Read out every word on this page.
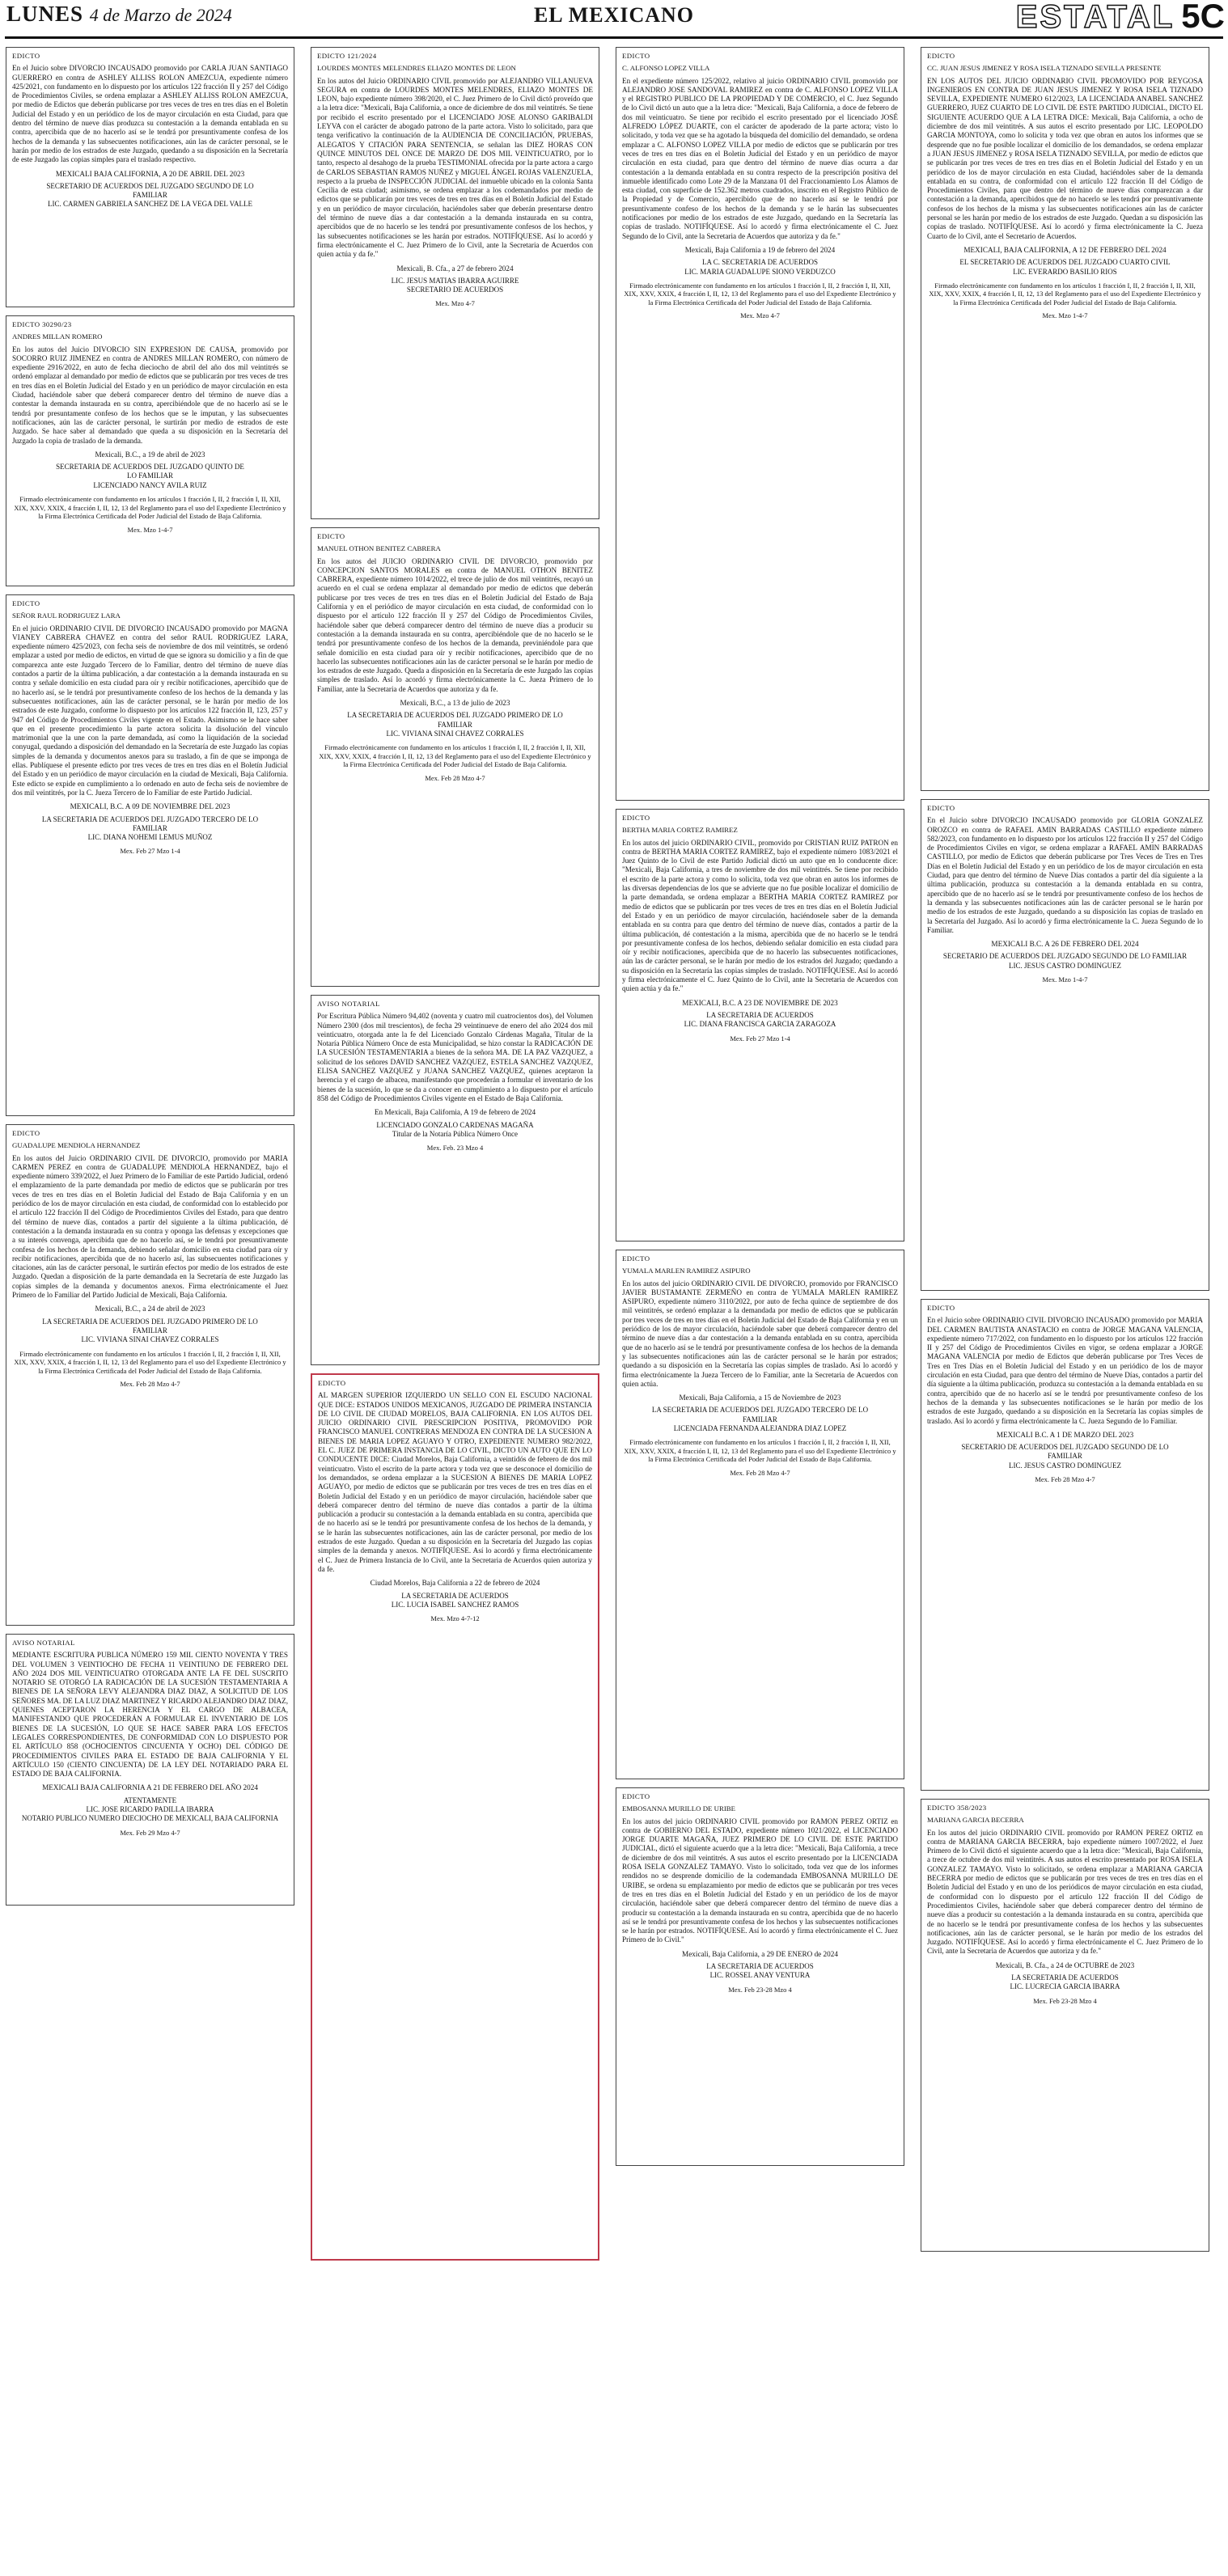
LUNES 4 de Marzo de 2024	EL MEXICANO	ESTATAL 5C

EDICTO

En el Juicio sobre DIVORCIO INCAUSADO promovido por CARLA JUAN SANTIAGO GUERRERO en contra de ASHLEY ALLISS ROLON AMEZCUA, expediente número 425/2021, con fundamento en lo dispuesto por los artículos 122 fracción II y 257 del Código de Procedimientos Civiles, se ordena emplazar a ASHLEY ALLISS ROLON AMEZCUA, por medio de Edictos que deberán publicarse por tres veces de tres en tres días en el Boletín Judicial del Estado y en un periódico de los de mayor circulación en esta Ciudad, para que dentro del término de nueve días produzca su contestación a la demanda entablada en su contra, apercibida que de no hacerlo así se le tendrá por presuntivamente confesa de los hechos de la demanda y las subsecuentes notificaciones, aún las de carácter personal, se le harán por medio de los estrados de este Juzgado, quedando a su disposición en la Secretaría de este Juzgado las copias simples para el traslado respectivo.

MEXICALI BAJA CALIFORNIA, A 20 DE ABRIL DEL 2023

SECRETARIO DE ACUERDOS DEL JUZGADO SEGUNDO DE LO
FAMILIAR
LIC. CARMEN GABRIELA SANCHEZ DE LA VEGA DEL VALLE

EDICTO 30290/23

ANDRES MILLAN ROMERO

En los autos del Juicio DIVORCIO SIN EXPRESION DE CAUSA, promovido por SOCORRO RUIZ JIMENEZ en contra de ANDRES MILLAN ROMERO, con número de expediente 2916/2022, en auto de fecha dieciocho de abril del año dos mil veintitrés se ordenó emplazar al demandado por medio de edictos que se publicarán por tres veces de tres en tres días en el Boletín Judicial del Estado y en un periódico de mayor circulación en esta Ciudad, haciéndole saber que deberá comparecer dentro del término de nueve días a contestar la demanda instaurada en su contra, apercibiéndole que de no hacerlo así se le tendrá por presuntamente confeso de los hechos que se le imputan, y las subsecuentes notificaciones, aún las de carácter personal, le surtirán por medio de estrados de este Juzgado. Se hace saber al demandado que queda a su disposición en la Secretaría del Juzgado la copia de traslado de la demanda.

Mexicali, B.C., a 19 de abril de 2023

SECRETARIA DE ACUERDOS DEL JUZGADO QUINTO DE
LO FAMILIAR
LICENCIADO NANCY AVILA RUIZ

Firmado electrónicamente con fundamento en los artículos 1 fracción I, II, 2 fracción I, II, XII, XIX, XXV, XXIX, 4 fracción I, II, 12, 13 del Reglamento para el uso del Expediente Electrónico y la Firma Electrónica Certificada del Poder Judicial del Estado de Baja California.

Mex. Mzo 1-4-7

EDICTO

SEÑOR RAUL RODRIGUEZ LARA

En el juicio ORDINARIO CIVIL DE DIVORCIO INCAUSADO promovido por MAGNA VIANEY CABRERA CHAVEZ en contra del señor RAUL RODRIGUEZ LARA, expediente número 425/2023, con fecha seis de noviembre de dos mil veintitrés, se ordenó emplazar a usted por medio de edictos, en virtud de que se ignora su domicilio y a fin de que comparezca ante este Juzgado Tercero de lo Familiar, dentro del término de nueve días contados a partir de la última publicación, a dar contestación a la demanda instaurada en su contra y señale domicilio en esta ciudad para oír y recibir notificaciones, apercibido que de no hacerlo así, se le tendrá por presuntivamente confeso de los hechos de la demanda y las subsecuentes notificaciones, aún las de carácter personal, se le harán por medio de los estrados de este Juzgado, conforme lo dispuesto por los artículos 122 fracción II, 123, 257 y 947 del Código de Procedimientos Civiles vigente en el Estado. Asimismo se le hace saber que en el presente procedimiento la parte actora solicita la disolución del vínculo matrimonial que la une con la parte demandada, así como la liquidación de la sociedad conyugal, quedando a disposición del demandado en la Secretaría de este Juzgado las copias simples de la demanda y documentos anexos para su traslado, a fin de que se imponga de ellas. Publíquese el presente edicto por tres veces de tres en tres días en el Boletín Judicial del Estado y en un periódico de mayor circulación en la ciudad de Mexicali, Baja California. Este edicto se expide en cumplimiento a lo ordenado en auto de fecha seis de noviembre de dos mil veintitrés, por la C. Jueza Tercero de lo Familiar de este Partido Judicial.

MEXICALI, B.C. A 09 DE NOVIEMBRE DEL 2023

LA SECRETARIA DE ACUERDOS DEL JUZGADO TERCERO DE LO
FAMILIAR
LIC. DIANA NOHEMI LEMUS MUÑOZ

Mex. Feb 27 Mzo 1-4

EDICTO

GUADALUPE MENDIOLA HERNANDEZ

En los autos del Juicio ORDINARIO CIVIL DE DIVORCIO, promovido por MARIA CARMEN PEREZ en contra de GUADALUPE MENDIOLA HERNANDEZ, bajo el expediente número 339/2022, el Juez Primero de lo Familiar de este Partido Judicial, ordenó el emplazamiento de la parte demandada por medio de edictos que se publicarán por tres veces de tres en tres días en el Boletín Judicial del Estado de Baja California y en un periódico de los de mayor circulación en esta ciudad, de conformidad con lo establecido por el artículo 122 fracción II del Código de Procedimientos Civiles del Estado, para que dentro del término de nueve días, contados a partir del siguiente a la última publicación, dé contestación a la demanda instaurada en su contra y oponga las defensas y excepciones que a su interés convenga, apercibida que de no hacerlo así, se le tendrá por presuntivamente confesa de los hechos de la demanda, debiendo señalar domicilio en esta ciudad para oír y recibir notificaciones, apercibida que de no hacerlo así, las subsecuentes notificaciones y citaciones, aún las de carácter personal, le surtirán efectos por medio de los estrados de este Juzgado. Quedan a disposición de la parte demandada en la Secretaría de este Juzgado las copias simples de la demanda y documentos anexos. Firma electrónicamente el Juez Primero de lo Familiar del Partido Judicial de Mexicali, Baja California.

Mexicali, B.C., a 24 de abril de 2023

LA SECRETARIA DE ACUERDOS DEL JUZGADO PRIMERO DE LO
FAMILIAR
LIC. VIVIANA SINAI CHAVEZ CORRALES

Firmado electrónicamente con fundamento en los artículos 1 fracción I, II, 2 fracción I, II, XII, XIX, XXV, XXIX, 4 fracción I, II, 12, 13 del Reglamento para el uso del Expediente Electrónico y la Firma Electrónica Certificada del Poder Judicial del Estado de Baja California.

Mex. Feb 28 Mzo 4-7

AVISO NOTARIAL

MEDIANTE ESCRITURA PUBLICA NÚMERO 159 MIL CIENTO NOVENTA Y TRES DEL VOLUMEN 3 VEINTIOCHO DE FECHA 11 VEINTIUNO DE FEBRERO DEL AÑO 2024 DOS MIL VEINTICUATRO OTORGADA ANTE LA FE DEL SUSCRITO NOTARIO SE OTORGÓ LA RADICACIÓN DE LA SUCESIÓN TESTAMENTARIA A BIENES DE LA SEÑORA LEVY ALEJANDRA DIAZ DIAZ, A SOLICITUD DE LOS SEÑORES MA. DE LA LUZ DIAZ MARTINEZ Y RICARDO ALEJANDRO DIAZ DIAZ, QUIENES ACEPTARON LA HERENCIA Y EL CARGO DE ALBACEA, MANIFESTANDO QUE PROCEDERÁN A FORMULAR EL INVENTARIO DE LOS BIENES DE LA SUCESIÓN, LO QUE SE HACE SABER PARA LOS EFECTOS LEGALES CORRESPONDIENTES, DE CONFORMIDAD CON LO DISPUESTO POR EL ARTÍCULO 858 (OCHOCIENTOS CINCUENTA Y OCHO) DEL CÓDIGO DE PROCEDIMIENTOS CIVILES PARA EL ESTADO DE BAJA CALIFORNIA Y EL ARTÍCULO 150 (CIENTO CINCUENTA) DE LA LEY DEL NOTARIADO PARA EL ESTADO DE BAJA CALIFORNIA.

MEXICALI BAJA CALIFORNIA A 21 DE FEBRERO DEL AÑO 2024

ATENTAMENTE
LIC. JOSE RICARDO PADILLA IBARRA
NOTARIO PUBLICO NUMERO DIECIOCHO DE MEXICALI, BAJA CALIFORNIA

Mex. Feb 29 Mzo 4-7

EDICTO 121/2024

LOURDES MONTES MELENDRES ELIAZO MONTES DE LEON

En los autos del Juicio ORDINARIO CIVIL promovido por ALEJANDRO VILLANUEVA SEGURA en contra de LOURDES MONTES MELENDRES, ELIAZO MONTES DE LEON, bajo expediente número 398/2020, el C. Juez Primero de lo Civil dictó proveído que a la letra dice: "Mexicali, Baja California, a once de diciembre de dos mil veintitrés. Se tiene por recibido el escrito presentado por el LICENCIADO JOSE ALONSO GARIBALDI LEYVA con el carácter de abogado patrono de la parte actora. Visto lo solicitado, para que tenga verificativo la continuación de la AUDIENCIA DE CONCILIACIÓN, PRUEBAS, ALEGATOS Y CITACIÓN PARA SENTENCIA, se señalan las DIEZ HORAS CON QUINCE MINUTOS DEL ONCE DE MARZO DE DOS MIL VEINTICUATRO, por lo tanto, respecto al desahogo de la prueba TESTIMONIAL ofrecida por la parte actora a cargo de CARLOS SEBASTIAN RAMOS NUÑEZ y MIGUEL ÁNGEL ROJAS VALENZUELA, respecto a la prueba de INSPECCIÓN JUDICIAL del inmueble ubicado en la colonia Santa Cecilia de esta ciudad; asimismo, se ordena emplazar a los codemandados por medio de edictos que se publicarán por tres veces de tres en tres días en el Boletín Judicial del Estado y en un periódico de mayor circulación, haciéndoles saber que deberán presentarse dentro del término de nueve días a dar contestación a la demanda instaurada en su contra, apercibidos que de no hacerlo se les tendrá por presuntivamente confesos de los hechos, y las subsecuentes notificaciones se les harán por estrados. NOTIFÍQUESE. Así lo acordó y firma electrónicamente el C. Juez Primero de lo Civil, ante la Secretaria de Acuerdos con quien actúa y da fe."

Mexicali, B. Cfa., a 27 de febrero 2024

LIC. JESUS MATIAS IBARRA AGUIRRE
SECRETARIO DE ACUERDOS

Mex. Mzo 4-7

EDICTO

MANUEL OTHON BENITEZ CABRERA

En los autos del JUICIO ORDINARIO CIVIL DE DIVORCIO, promovido por CONCEPCION SANTOS MORALES en contra de MANUEL OTHON BENITEZ CABRERA, expediente número 1014/2022, el trece de julio de dos mil veintitrés, recayó un acuerdo en el cual se ordena emplazar al demandado por medio de edictos que deberán publicarse por tres veces de tres en tres días en el Boletín Judicial del Estado de Baja California y en el periódico de mayor circulación en esta ciudad, de conformidad con lo dispuesto por el artículo 122 fracción II y 257 del Código de Procedimientos Civiles, haciéndole saber que deberá comparecer dentro del término de nueve días a producir su contestación a la demanda instaurada en su contra, apercibiéndole que de no hacerlo se le tendrá por presuntivamente confeso de los hechos de la demanda, previniéndole para que señale domicilio en esta ciudad para oír y recibir notificaciones, apercibido que de no hacerlo las subsecuentes notificaciones aún las de carácter personal se le harán por medio de los estrados de este Juzgado. Queda a disposición en la Secretaría de este Juzgado las copias simples de traslado. Así lo acordó y firma electrónicamente la C. Jueza Primero de lo Familiar, ante la Secretaria de Acuerdos que autoriza y da fe.

Mexicali, B.C., a 13 de julio de 2023

LA SECRETARIA DE ACUERDOS DEL JUZGADO PRIMERO DE LO
FAMILIAR
LIC. VIVIANA SINAI CHAVEZ CORRALES

Firmado electrónicamente con fundamento en los artículos 1 fracción I, II, 2 fracción I, II, XII, XIX, XXV, XXIX, 4 fracción I, II, 12, 13 del Reglamento para el uso del Expediente Electrónico y la Firma Electrónica Certificada del Poder Judicial del Estado de Baja California.

Mex. Feb 28 Mzo 4-7

AVISO NOTARIAL

Por Escritura Pública Número 94,402 (noventa y cuatro mil cuatrocientos dos), del Volumen Número 2300 (dos mil trescientos), de fecha 29 veintinueve de enero del año 2024 dos mil veinticuatro, otorgada ante la fe del Licenciado Gonzalo Cárdenas Magaña, Titular de la Notaría Pública Número Once de esta Municipalidad, se hizo constar la RADICACIÓN DE LA SUCESIÓN TESTAMENTARIA a bienes de la señora MA. DE LA PAZ VAZQUEZ, a solicitud de los señores DAVID SANCHEZ VAZQUEZ, ESTELA SANCHEZ VAZQUEZ, ELISA SANCHEZ VAZQUEZ y JUANA SANCHEZ VAZQUEZ, quienes aceptaron la herencia y el cargo de albacea, manifestando que procederán a formular el inventario de los bienes de la sucesión, lo que se da a conocer en cumplimiento a lo dispuesto por el artículo 858 del Código de Procedimientos Civiles vigente en el Estado de Baja California.

En Mexicali, Baja California, A 19 de febrero de 2024

LICENCIADO GONZALO CARDENAS MAGAÑA
Titular de la Notaría Pública Número Once

Mex. Feb. 23 Mzo 4

EDICTO

AL MARGEN SUPERIOR IZQUIERDO UN SELLO CON EL ESCUDO NACIONAL QUE DICE: ESTADOS UNIDOS MEXICANOS, JUZGADO DE PRIMERA INSTANCIA DE LO CIVIL DE CIUDAD MORELOS, BAJA CALIFORNIA. EN LOS AUTOS DEL JUICIO ORDINARIO CIVIL PRESCRIPCION POSITIVA, PROMOVIDO POR FRANCISCO MANUEL CONTRERAS MENDOZA EN CONTRA DE LA SUCESION A BIENES DE MARIA LOPEZ AGUAYO Y OTRO, EXPEDIENTE NUMERO 982/2022, EL C. JUEZ DE PRIMERA INSTANCIA DE LO CIVIL, DICTO UN AUTO QUE EN LO CONDUCENTE DICE: Ciudad Morelos, Baja California, a veintidós de febrero de dos mil veinticuatro. Visto el escrito de la parte actora y toda vez que se desconoce el domicilio de los demandados, se ordena emplazar a la SUCESION A BIENES DE MARIA LOPEZ AGUAYO, por medio de edictos que se publicarán por tres veces de tres en tres días en el Boletín Judicial del Estado y en un periódico de mayor circulación, haciéndole saber que deberá comparecer dentro del término de nueve días contados a partir de la última publicación a producir su contestación a la demanda entablada en su contra, apercibida que de no hacerlo así se le tendrá por presuntivamente confesa de los hechos de la demanda, y se le harán las subsecuentes notificaciones, aún las de carácter personal, por medio de los estrados de este Juzgado. Quedan a su disposición en la Secretaría del Juzgado las copias simples de la demanda y anexos. NOTIFÍQUESE. Así lo acordó y firma electrónicamente el C. Juez de Primera Instancia de lo Civil, ante la Secretaria de Acuerdos quien autoriza y da fe.

Ciudad Morelos, Baja California a 22 de febrero de 2024

LA SECRETARIA DE ACUERDOS
LIC. LUCIA ISABEL SANCHEZ RAMOS

Mex. Mzo 4-7-12

EDICTO

C. ALFONSO LOPEZ VILLA

En el expediente número 125/2022, relativo al juicio ORDINARIO CIVIL promovido por ALEJANDRO JOSE SANDOVAL RAMIREZ en contra de C. ALFONSO LOPEZ VILLA y el REGISTRO PUBLICO DE LA PROPIEDAD Y DE COMERCIO, el C. Juez Segundo de lo Civil dictó un auto que a la letra dice: "Mexicali, Baja California, a doce de febrero de dos mil veinticuatro. Se tiene por recibido el escrito presentado por el licenciado JOSÉ ALFREDO LÓPEZ DUARTE, con el carácter de apoderado de la parte actora; visto lo solicitado, y toda vez que se ha agotado la búsqueda del domicilio del demandado, se ordena emplazar a C. ALFONSO LOPEZ VILLA por medio de edictos que se publicarán por tres veces de tres en tres días en el Boletín Judicial del Estado y en un periódico de mayor circulación en esta ciudad, para que dentro del término de nueve días ocurra a dar contestación a la demanda entablada en su contra respecto de la prescripción positiva del inmueble identificado como Lote 29 de la Manzana 01 del Fraccionamiento Los Álamos de esta ciudad, con superficie de 152.362 metros cuadrados, inscrito en el Registro Público de la Propiedad y de Comercio, apercibido que de no hacerlo así se le tendrá por presuntivamente confeso de los hechos de la demanda y se le harán las subsecuentes notificaciones por medio de los estrados de este Juzgado, quedando en la Secretaría las copias de traslado. NOTIFÍQUESE. Así lo acordó y firma electrónicamente el C. Juez Segundo de lo Civil, ante la Secretaria de Acuerdos que autoriza y da fe."

Mexicali, Baja California a 19 de febrero del 2024

LA C. SECRETARIA DE ACUERDOS
LIC. MARIA GUADALUPE SIONO VERDUZCO

Firmado electrónicamente con fundamento en los artículos 1 fracción I, II, 2 fracción I, II, XII, XIX, XXV, XXIX, 4 fracción I, II, 12, 13 del Reglamento para el uso del Expediente Electrónico y la Firma Electrónica Certificada del Poder Judicial del Estado de Baja California.

Mex. Mzo 4-7

EDICTO

BERTHA MARIA CORTEZ RAMIREZ

En los autos del juicio ORDINARIO CIVIL, promovido por CRISTIAN RUIZ PATRON en contra de BERTHA MARIA CORTEZ RAMIREZ, bajo el expediente número 1083/2021 el Juez Quinto de lo Civil de este Partido Judicial dictó un auto que en lo conducente dice: "Mexicali, Baja California, a tres de noviembre de dos mil veintitrés. Se tiene por recibido el escrito de la parte actora y como lo solicita, toda vez que obran en autos los informes de las diversas dependencias de los que se advierte que no fue posible localizar el domicilio de la parte demandada, se ordena emplazar a BERTHA MARIA CORTEZ RAMIREZ por medio de edictos que se publicarán por tres veces de tres en tres días en el Boletín Judicial del Estado y en un periódico de mayor circulación, haciéndosele saber de la demanda entablada en su contra para que dentro del término de nueve días, contados a partir de la última publicación, dé contestación a la misma, apercibida que de no hacerlo se le tendrá por presuntivamente confesa de los hechos, debiendo señalar domicilio en esta ciudad para oír y recibir notificaciones, apercibida que de no hacerlo las subsecuentes notificaciones, aún las de carácter personal, se le harán por medio de los estrados del Juzgado; quedando a su disposición en la Secretaría las copias simples de traslado. NOTIFÍQUESE. Así lo acordó y firma electrónicamente el C. Juez Quinto de lo Civil, ante la Secretaria de Acuerdos con quien actúa y da fe."

MEXICALI, B.C. A 23 DE NOVIEMBRE DE 2023

LA SECRETARIA DE ACUERDOS
LIC. DIANA FRANCISCA GARCIA ZARAGOZA

Mex. Feb 27 Mzo 1-4

EDICTO

YUMALA MARLEN RAMIREZ ASIPURO

En los autos del juicio ORDINARIO CIVIL DE DIVORCIO, promovido por FRANCISCO JAVIER BUSTAMANTE ZERMEÑO en contra de YUMALA MARLEN RAMIREZ ASIPURO, expediente número 3110/2022, por auto de fecha quince de septiembre de dos mil veintitrés, se ordenó emplazar a la demandada por medio de edictos que se publicarán por tres veces de tres en tres días en el Boletín Judicial del Estado de Baja California y en un periódico de los de mayor circulación, haciéndole saber que deberá comparecer dentro del término de nueve días a dar contestación a la demanda entablada en su contra, apercibida que de no hacerlo así se le tendrá por presuntivamente confesa de los hechos de la demanda y las subsecuentes notificaciones aún las de carácter personal se le harán por estrados; quedando a su disposición en la Secretaría las copias simples de traslado. Así lo acordó y firma electrónicamente la Jueza Tercero de lo Familiar, ante la Secretaria de Acuerdos con quien actúa.

Mexicali, Baja California, a 15 de Noviembre de 2023

LA SECRETARIA DE ACUERDOS DEL JUZGADO TERCERO DE LO
FAMILIAR
LICENCIADA FERNANDA ALEJANDRA DIAZ LOPEZ

Firmado electrónicamente con fundamento en los artículos 1 fracción I, II, 2 fracción I, II, XII, XIX, XXV, XXIX, 4 fracción I, II, 12, 13 del Reglamento para el uso del Expediente Electrónico y la Firma Electrónica Certificada del Poder Judicial del Estado de Baja California.

Mex. Feb 28 Mzo 4-7

EDICTO

EMBOSANNA MURILLO DE URIBE

En los autos del juicio ORDINARIO CIVIL promovido por RAMON PEREZ ORTIZ en contra de GOBIERNO DEL ESTADO, expediente número 1021/2022, el LICENCIADO JORGE DUARTE MAGAÑA, JUEZ PRIMERO DE LO CIVIL DE ESTE PARTIDO JUDICIAL, dictó el siguiente acuerdo que a la letra dice: "Mexicali, Baja California, a trece de diciembre de dos mil veintitrés. A sus autos el escrito presentado por la LICENCIADA ROSA ISELA GONZALEZ TAMAYO. Visto lo solicitado, toda vez que de los informes rendidos no se desprende domicilio de la codemandada EMBOSANNA MURILLO DE URIBE, se ordena su emplazamiento por medio de edictos que se publicarán por tres veces de tres en tres días en el Boletín Judicial del Estado y en un periódico de los de mayor circulación, haciéndole saber que deberá comparecer dentro del término de nueve días a producir su contestación a la demanda instaurada en su contra, apercibida que de no hacerlo así se le tendrá por presuntivamente confesa de los hechos y las subsecuentes notificaciones se le harán por estrados. NOTIFÍQUESE. Así lo acordó y firma electrónicamente el C. Juez Primero de lo Civil."

Mexicali, Baja California, a 29 DE ENERO de 2024

LA SECRETARIA DE ACUERDOS
LIC. ROSSEL ANAY VENTURA

Mex. Feb 23-28 Mzo 4

EDICTO

CC. JUAN JESUS JIMENEZ Y ROSA ISELA TIZNADO SEVILLA PRESENTE

EN LOS AUTOS DEL JUICIO ORDINARIO CIVIL PROMOVIDO POR REYGOSA INGENIEROS EN CONTRA DE JUAN JESUS JIMENEZ Y ROSA ISELA TIZNADO SEVILLA, EXPEDIENTE NUMERO 612/2023, LA LICENCIADA ANABEL SANCHEZ GUERRERO, JUEZ CUARTO DE LO CIVIL DE ESTE PARTIDO JUDICIAL, DICTO EL SIGUIENTE ACUERDO QUE A LA LETRA DICE: Mexicali, Baja California, a ocho de diciembre de dos mil veintitrés. A sus autos el escrito presentado por LIC. LEOPOLDO GARCIA MONTOYA, como lo solicita y toda vez que obran en autos los informes que se desprende que no fue posible localizar el domicilio de los demandados, se ordena emplazar a JUAN JESUS JIMENEZ y ROSA ISELA TIZNADO SEVILLA, por medio de edictos que se publicarán por tres veces de tres en tres días en el Boletín Judicial del Estado y en un periódico de los de mayor circulación en esta Ciudad, haciéndoles saber de la demanda entablada en su contra, de conformidad con el artículo 122 fracción II del Código de Procedimientos Civiles, para que dentro del término de nueve días comparezcan a dar contestación a la demanda, apercibidos que de no hacerlo se les tendrá por presuntivamente confesos de los hechos de la misma y las subsecuentes notificaciones aún las de carácter personal se les harán por medio de los estrados de este Juzgado. Quedan a su disposición las copias de traslado. NOTIFÍQUESE. Así lo acordó y firma electrónicamente la C. Jueza Cuarto de lo Civil, ante el Secretario de Acuerdos.

MEXICALI, BAJA CALIFORNIA, A 12 DE FEBRERO DEL 2024

EL SECRETARIO DE ACUERDOS DEL JUZGADO CUARTO CIVIL
LIC. EVERARDO BASILIO RIOS

Firmado electrónicamente con fundamento en los artículos 1 fracción I, II, 2 fracción I, II, XII, XIX, XXV, XXIX, 4 fracción I, II, 12, 13 del Reglamento para el uso del Expediente Electrónico y la Firma Electrónica Certificada del Poder Judicial del Estado de Baja California.

Mex. Mzo 1-4-7

EDICTO

En el Juicio sobre DIVORCIO INCAUSADO promovido por GLORIA GONZALEZ OROZCO en contra de RAFAEL AMIN BARRADAS CASTILLO expediente número 582/2023, con fundamento en lo dispuesto por los artículos 122 fracción II y 257 del Código de Procedimientos Civiles en vigor, se ordena emplazar a RAFAEL AMIN BARRADAS CASTILLO, por medio de Edictos que deberán publicarse por Tres Veces de Tres en Tres Días en el Boletín Judicial del Estado y en un periódico de los de mayor circulación en esta Ciudad, para que dentro del término de Nueve Días contados a partir del día siguiente a la última publicación, produzca su contestación a la demanda entablada en su contra, apercibido que de no hacerlo así se le tendrá por presuntivamente confeso de los hechos de la demanda y las subsecuentes notificaciones aún las de carácter personal se le harán por medio de los estrados de este Juzgado, quedando a su disposición las copias de traslado en la Secretaría del Juzgado. Así lo acordó y firma electrónicamente la C. Jueza Segundo de lo Familiar.

MEXICALI B.C. A 26 DE FEBRERO DEL 2024

SECRETARIO DE ACUERDOS DEL JUZGADO SEGUNDO DE LO FAMILIAR
LIC. JESUS CASTRO DOMINGUEZ

Mex. Mzo 1-4-7

EDICTO

En el Juicio sobre ORDINARIO CIVIL DIVORCIO INCAUSADO promovido por MARIA DEL CARMEN BAUTISTA ANASTACIO en contra de JORGE MAGANA VALENCIA, expediente número 717/2022, con fundamento en lo dispuesto por los artículos 122 fracción II y 257 del Código de Procedimientos Civiles en vigor, se ordena emplazar a JORGE MAGANA VALENCIA por medio de Edictos que deberán publicarse por Tres Veces de Tres en Tres Días en el Boletín Judicial del Estado y en un periódico de los de mayor circulación en esta Ciudad, para que dentro del término de Nueve Días, contados a partir del día siguiente a la última publicación, produzca su contestación a la demanda entablada en su contra, apercibido que de no hacerlo así se le tendrá por presuntivamente confeso de los hechos de la demanda y las subsecuentes notificaciones se le harán por medio de los estrados de este Juzgado, quedando a su disposición en la Secretaría las copias simples de traslado. Así lo acordó y firma electrónicamente la C. Jueza Segundo de lo Familiar.

MEXICALI B.C. A 1 DE MARZO DEL 2023

SECRETARIO DE ACUERDOS DEL JUZGADO SEGUNDO DE LO
FAMILIAR
LIC. JESUS CASTRO DOMINGUEZ

Mex. Feb 28 Mzo 4-7

EDICTO 358/2023

MARIANA GARCIA BECERRA

En los autos del juicio ORDINARIO CIVIL promovido por RAMON PEREZ ORTIZ en contra de MARIANA GARCIA BECERRA, bajo expediente número 1007/2022, el Juez Primero de lo Civil dictó el siguiente acuerdo que a la letra dice: "Mexicali, Baja California, a trece de octubre de dos mil veintitrés. A sus autos el escrito presentado por ROSA ISELA GONZALEZ TAMAYO. Visto lo solicitado, se ordena emplazar a MARIANA GARCIA BECERRA por medio de edictos que se publicarán por tres veces de tres en tres días en el Boletín Judicial del Estado y en uno de los periódicos de mayor circulación en esta ciudad, de conformidad con lo dispuesto por el artículo 122 fracción II del Código de Procedimientos Civiles, haciéndole saber que deberá comparecer dentro del término de nueve días a producir su contestación a la demanda instaurada en su contra, apercibida que de no hacerlo se le tendrá por presuntivamente confesa de los hechos y las subsecuentes notificaciones, aún las de carácter personal, se le harán por medio de los estrados del Juzgado. NOTIFÍQUESE. Así lo acordó y firma electrónicamente el C. Juez Primero de lo Civil, ante la Secretaria de Acuerdos que autoriza y da fe."

Mexicali, B. Cfa., a 24 de OCTUBRE de 2023

LA SECRETARIA DE ACUERDOS
LIC. LUCRECIA GARCIA IBARRA

Mex. Feb 23-28 Mzo 4
